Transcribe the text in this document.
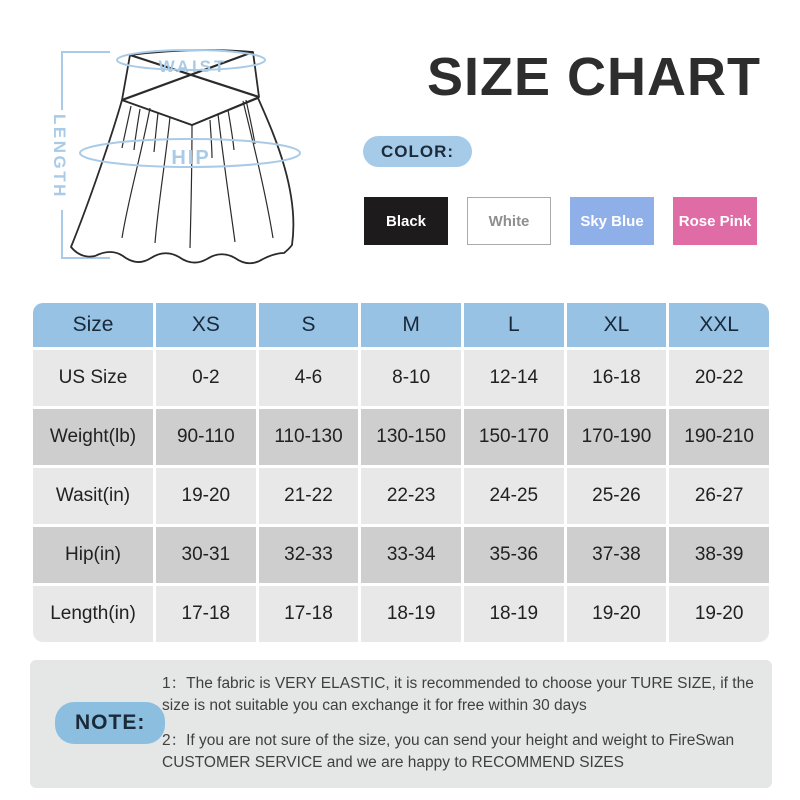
WAIST
HIP
LENGTH
SIZE CHART
COLOR:
Black	White	Sky Blue	Rose Pink
Size	XS	S	M	L	XL	XXL
US Size	0-2	4-6	8-10	12-14	16-18	20-22
Weight(lb)	90-110	110-130	130-150	150-170	170-190	190-210
Wasit(in)	19-20	21-22	22-23	24-25	25-26	26-27
Hip(in)	30-31	32-33	33-34	35-36	37-38	38-39
Length(in)	17-18	17-18	18-19	18-19	19-20	19-20
NOTE:
1：The fabric is VERY ELASTIC, it is recommended to choose your TURE SIZE, if the size is not suitable you can exchange it for free within 30 days
2：If you are not sure of the size, you can send your height and weight to FireSwan CUSTOMER SERVICE and we are happy to RECOMMEND SIZES
